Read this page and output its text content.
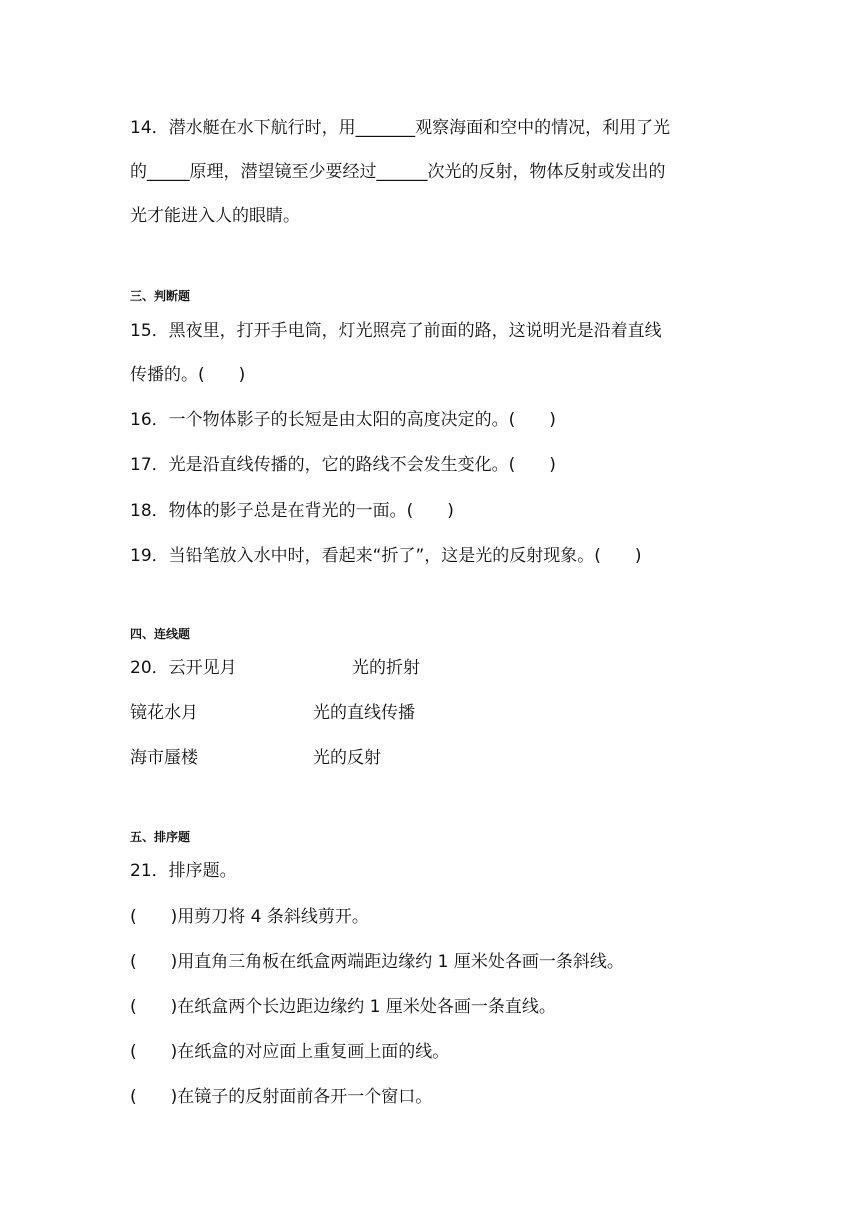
14．潜水艇在水下航行时，用_______观察海面和空中的情况，利用了光
的_____原理，潜望镜至少要经过______次光的反射，物体反射或发出的
光才能进入人的眼睛。
三、判断题
15．黑夜里，打开手电筒，灯光照亮了前面的路，这说明光是沿着直线
传播的。(　　)
16．一个物体影子的长短是由太阳的高度决定的。(　　)
17．光是沿直线传播的，它的路线不会发生变化。(　　)
18．物体的影子总是在背光的一面。(　　)
19．当铅笔放入水中时，看起来“折了”，这是光的反射现象。(　　)
四、连线题
20．云开见月	光的折射
镜花水月	光的直线传播
海市蜃楼	光的反射
五、排序题
21．排序题。
(　　)用剪刀将 4 条斜线剪开。
(　　)用直角三角板在纸盒两端距边缘约 1 厘米处各画一条斜线。
(　　)在纸盒两个长边距边缘约 1 厘米处各画一条直线。
(　　)在纸盒的对应面上重复画上面的线。
(　　)在镜子的反射面前各开一个窗口。
